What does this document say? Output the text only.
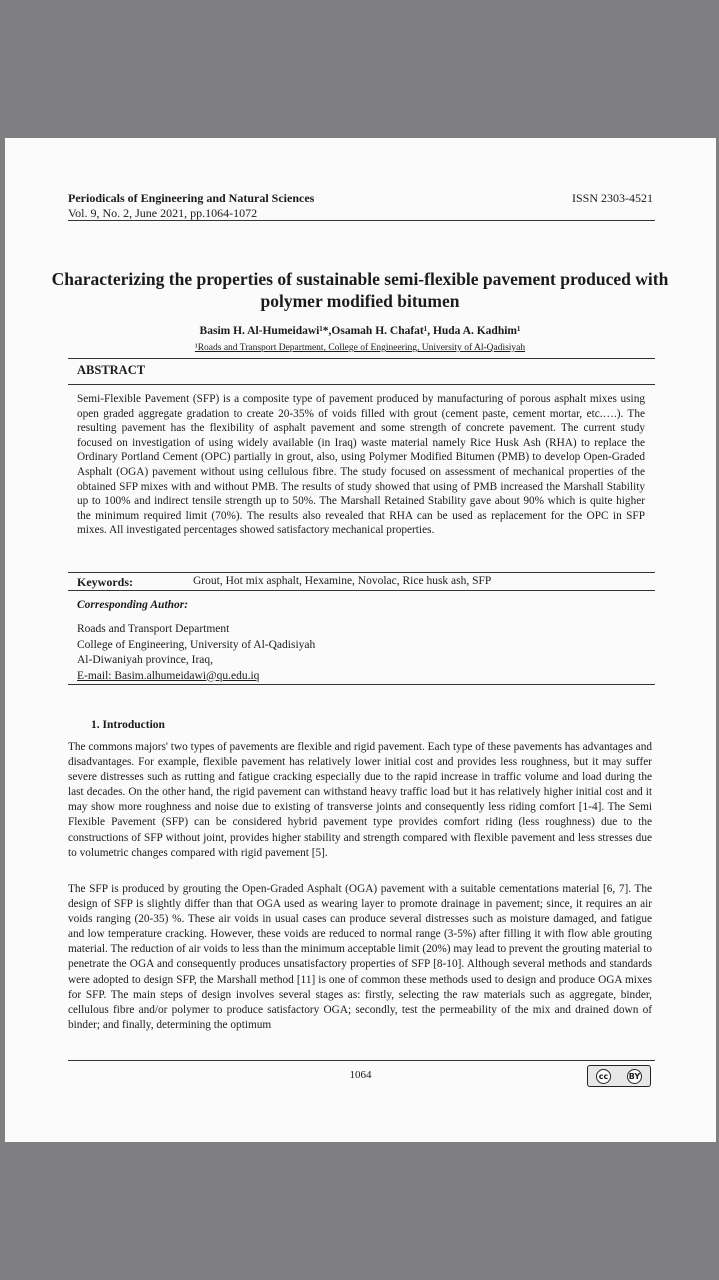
Periodicals of Engineering and Natural Sciences
Vol. 9, No. 2, June 2021, pp.1064-1072
ISSN 2303-4521
Characterizing the properties of sustainable semi-flexible pavement produced with polymer modified bitumen
Basim H. Al-Humeidawi¹*,Osamah H. Chafat¹, Huda A. Kadhim¹
¹Roads and Transport Department, College of Engineering, University of Al-Qadisiyah
ABSTRACT
Semi-Flexible Pavement (SFP) is a composite type of pavement produced by manufacturing of porous asphalt mixes using open graded aggregate gradation to create 20-35% of voids filled with grout (cement paste, cement mortar, etc.….). The resulting pavement has the flexibility of asphalt pavement and some strength of concrete pavement. The current study focused on investigation of using widely available (in Iraq) waste material namely Rice Husk Ash (RHA) to replace the Ordinary Portland Cement (OPC) partially in grout, also, using Polymer Modified Bitumen (PMB) to develop Open-Graded Asphalt (OGA) pavement without using cellulous fibre. The study focused on assessment of mechanical properties of the obtained SFP mixes with and without PMB. The results of study showed that using of PMB increased the Marshall Stability up to 100% and indirect tensile strength up to 50%. The Marshall Retained Stability gave about 90% which is quite higher the minimum required limit (70%). The results also revealed that RHA can be used as replacement for the OPC in SFP mixes. All investigated percentages showed satisfactory mechanical properties.
Keywords:	Grout, Hot mix asphalt, Hexamine, Novolac, Rice husk ash, SFP
Corresponding Author:
Roads and Transport Department
College of Engineering, University of Al-Qadisiyah
Al-Diwaniyah province, Iraq,
E-mail: Basim.alhumeidawi@qu.edu.iq
1. Introduction
The commons majors' two types of pavements are flexible and rigid pavement. Each type of these pavements has advantages and disadvantages. For example, flexible pavement has relatively lower initial cost and provides less roughness, but it may suffer severe distresses such as rutting and fatigue cracking especially due to the rapid increase in traffic volume and load during the last decades. On the other hand, the rigid pavement can withstand heavy traffic load but it has relatively higher initial cost and it may show more roughness and noise due to existing of transverse joints and consequently less riding comfort [1-4]. The Semi Flexible Pavement (SFP) can be considered hybrid pavement type provides comfort riding (less roughness) due to the constructions of SFP without joint, provides higher stability and strength compared with flexible pavement and less stresses due to volumetric changes compared with rigid pavement [5].
The SFP is produced by grouting the Open-Graded Asphalt (OGA) pavement with a suitable cementations material [6, 7]. The design of SFP is slightly differ than that OGA used as wearing layer to promote drainage in pavement; since, it requires an air voids ranging (20-35) %. These air voids in usual cases can produce several distresses such as moisture damaged, and fatigue and low temperature cracking. However, these voids are reduced to normal range (3-5%) after filling it with flow able grouting material. The reduction of air voids to less than the minimum acceptable limit (20%) may lead to prevent the grouting material to penetrate the OGA and consequently produces unsatisfactory properties of SFP [8-10]. Although several methods and standards were adopted to design SFP, the Marshall method [11] is one of common these methods used to design and produce OGA mixes for SFP. The main steps of design involves several stages as: firstly, selecting the raw materials such as aggregate, binder, cellulous fibre and/or polymer to produce satisfactory OGA; secondly, test the permeability of the mix and drained down of binder; and finally, determining the optimum
1064	cc	BY
